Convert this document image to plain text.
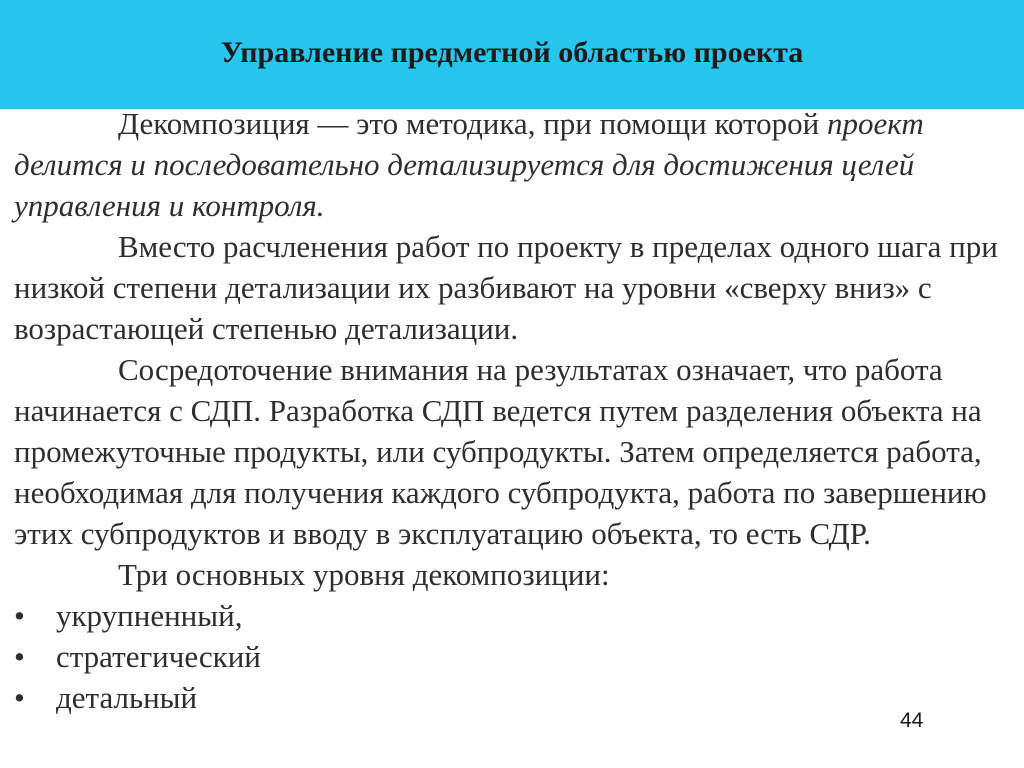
Управление предметной областью проекта

Декомпозиция — это методика, при помощи которой проект делится и последовательно детализируется для достижения целей управления и контроля.

Вместо расчленения работ по проекту в пределах одного шага при низкой степени детализации их разбивают на уровни «сверху вниз» с возрастающей степенью детализации.

Сосредоточение внимания на результатах означает, что работа начинается с СДП. Разработка СДП ведется путем разделения объекта на промежуточные продукты, или субпродукты. Затем определяется работа, необходимая для получения каждого субпродукта, работа по завершению этих субпродуктов и вводу в эксплуатацию объекта, то есть СДР.

Три основных уровня декомпозиции:

• укрупненный,
• стратегический
• детальный
44
